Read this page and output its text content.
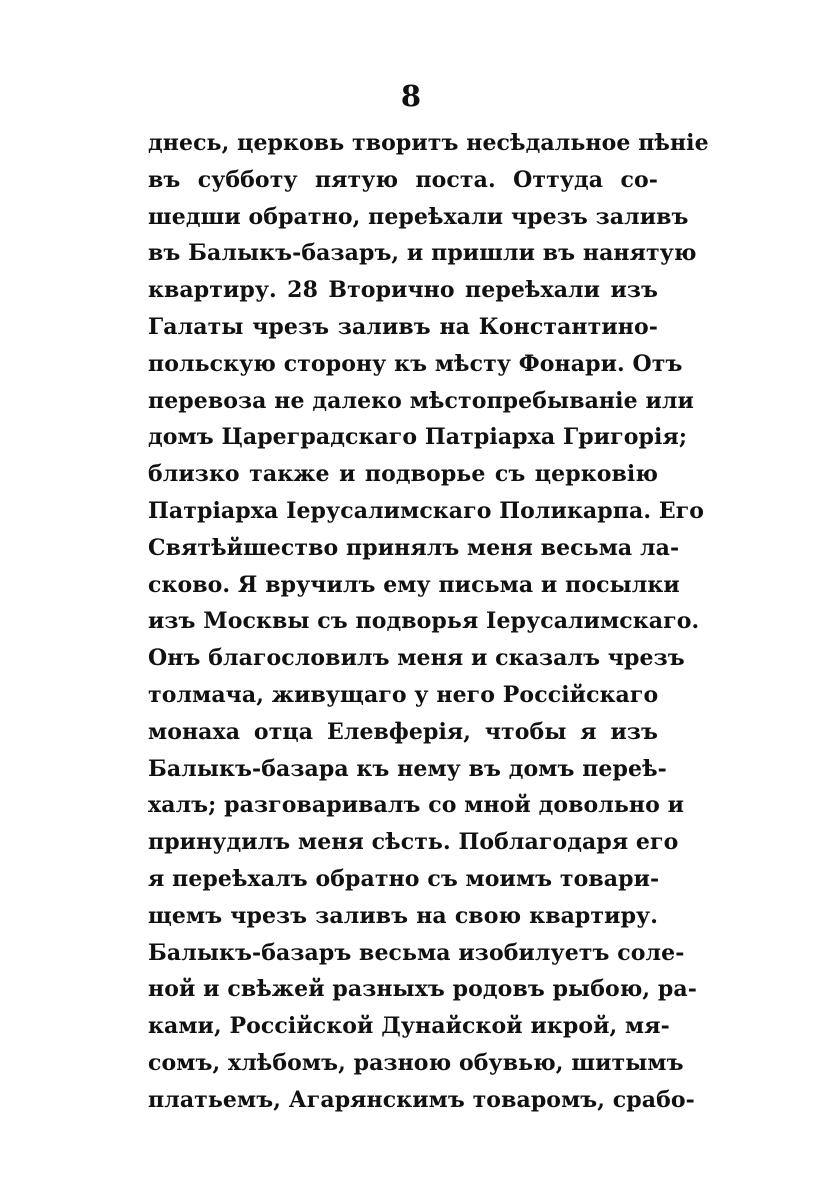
8
днесь, церковь творитъ несѣдальное пѣніе
въ субботу пятую поста. Оттуда со-
шедши обратно, переѣхали чрезъ заливъ
въ Балыкъ-базаръ, и пришли въ нанятую
квартиру. 28 Вторично переѣхали изъ
Галаты чрезъ заливъ на Константино-
польскую сторону къ мѣсту Фонари. Отъ
перевоза не далеко мѣстопребываніе или
домъ Цареградскаго Патріарха Григорія;
близко также и подворье съ церковію
Патріарха Іерусалимскаго Поликарпа. Его
Святѣйшество принялъ меня весьма ла-
сково. Я вручилъ ему письма и посылки
изъ Москвы съ подворья Іерусалимскаго.
Онъ благословилъ меня и сказалъ чрезъ
толмача, живущаго у него Россійскаго
монаха отца Елевферія, чтобы я изъ
Балыкъ-базара къ нему въ домъ перeѣ-
халъ; разговаривалъ со мной довольно и
принудилъ меня сѣсть. Поблагодаря его
я переѣхалъ обратно съ моимъ товари-
щемъ чрезъ заливъ на свою квартиру.
Балыкъ-базаръ весьма изобилуетъ соле-
ной и свѣжей разныхъ родовъ рыбою, ра-
ками, Россійской Дунайской икрой, мя-
сомъ, хлѣбомъ, разною обувью, шитымъ
платьемъ, Агарянскимъ товаромъ, срабо-
